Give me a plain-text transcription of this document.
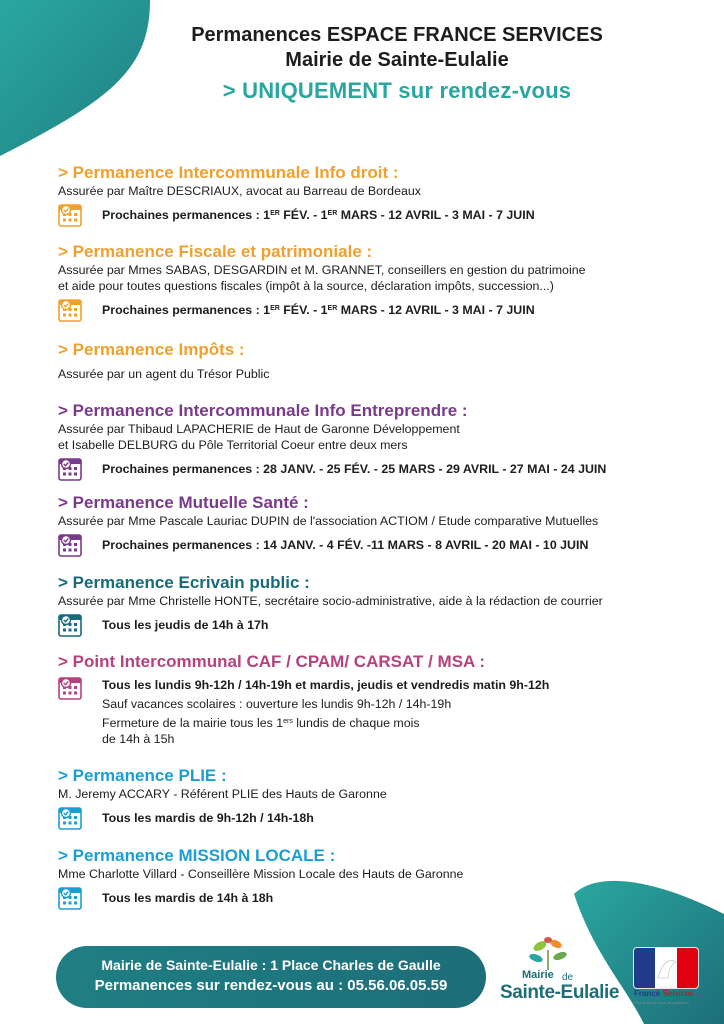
Permanences ESPACE FRANCE SERVICES
Mairie de Sainte-Eulalie
> UNIQUEMENT sur rendez-vous
> Permanence Intercommunale Info droit :
Assurée par Maître DESCRIAUX, avocat au Barreau de Bordeaux
Prochaines permanences : 1ER FÉV. - 1ER MARS - 12 AVRIL - 3 MAI - 7 JUIN
> Permanence Fiscale et patrimoniale :
Assurée par Mmes SABAS, DESGARDIN et M. GRANNET, conseillers en gestion du patrimoine
et aide pour toutes questions fiscales (impôt à la source, déclaration impôts, succession...)
Prochaines permanences : 1ER FÉV. - 1ER MARS - 12 AVRIL - 3 MAI - 7 JUIN
> Permanence Impôts :
Assurée par un agent du Trésor Public
> Permanence Intercommunale Info Entreprendre :
Assurée par Thibaud LAPACHERIE de Haut de Garonne Développement
et Isabelle DELBURG du Pôle Territorial Coeur entre deux mers
Prochaines permanences : 28 JANV. - 25 FÉV. - 25 MARS - 29 AVRIL - 27 MAI - 24 JUIN
> Permanence Mutuelle Santé :
Assurée par Mme Pascale Lauriac DUPIN de l'association ACTIOM / Etude comparative Mutuelles
Prochaines permanences : 14 JANV. - 4 FÉV. -11 MARS - 8 AVRIL - 20 MAI - 10 JUIN
> Permanence Ecrivain public :
Assurée par Mme Christelle HONTE, secrétaire socio-administrative, aide à la rédaction de courrier
Tous les jeudis de 14h à 17h
> Point Intercommunal CAF / CPAM/ CARSAT / MSA :
Tous les lundis 9h-12h / 14h-19h et mardis, jeudis et vendredis matin 9h-12h
Sauf vacances scolaires : ouverture les lundis 9h-12h / 14h-19h
Fermeture de la mairie tous les 1ers lundis de chaque mois
de 14h à 15h
> Permanence PLIE :
M. Jeremy ACCARY - Référent PLIE des Hauts de Garonne
Tous les mardis de 9h-12h / 14h-18h
> Permanence MISSION LOCALE :
Mme Charlotte Villard - Conseillère Mission Locale des Hauts de Garonne
Tous les mardis de 14h à 18h
Mairie de Sainte-Eulalie : 1 Place Charles de Gaulle
Permanences sur rendez-vous au : 05.56.06.05.59
Mairie de
Sainte-Eulalie France Services
Plus près de vous au quotidien
